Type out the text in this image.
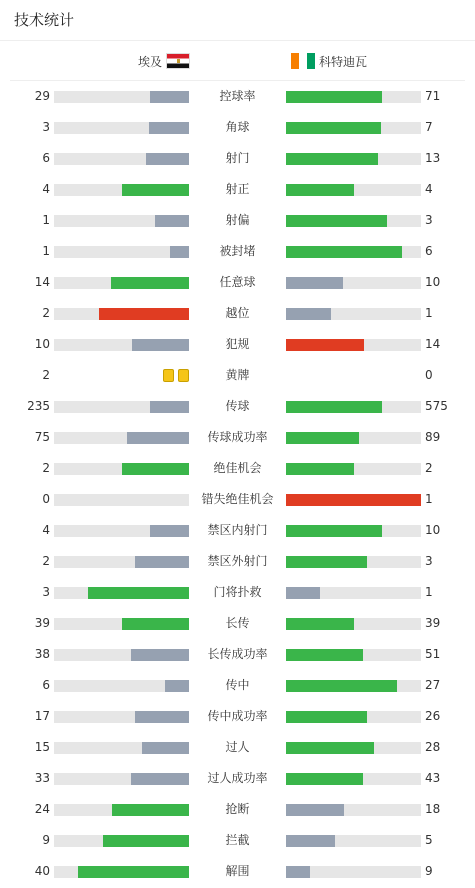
技术统计
埃及	科特迪瓦
29	控球率	71
3	角球	7
6	射门	13
4	射正	4
1	射偏	3
1	被封堵	6
14	任意球	10
2	越位	1
10	犯规	14
2	黄牌	0
235	传球	575
75	传球成功率	89
2	绝佳机会	2
0	错失绝佳机会	1
4	禁区内射门	10
2	禁区外射门	3
3	门将扑救	1
39	长传	39
38	长传成功率	51
6	传中	27
17	传中成功率	26
15	过人	28
33	过人成功率	43
24	抢断	18
9	拦截	5
40	解围	9
